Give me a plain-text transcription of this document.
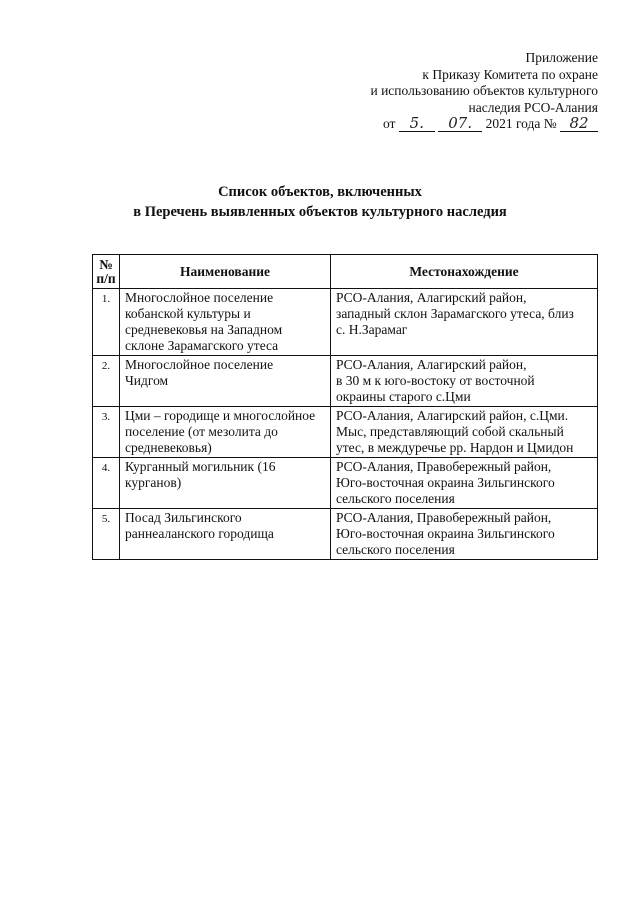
Приложение
к Приказу Комитета по охране
и использованию объектов культурного
наследия РСО-Алания
от 5. 07. 2021 года № 82
Список объектов, включенных
в Перечень выявленных объектов культурного наследия
№
п/п	Наименование	Местонахождение
1.	Многослойное поселение
кобанской культуры и
средневековья на Западном
склоне Зарамагского утеса	РСО-Алания, Алагирский район,
западный склон Зарамагского утеса, близ
с. Н.Зарамаг

2.	Многослойное поселение
Чидгом	РСО-Алания, Алагирский район,
в 30 м к юго-востоку от восточной
окраины старого с.Цми

3.	Цми – городище и многослойное
поселение (от мезолита до
средневековья)	РСО-Алания, Алагирский район, с.Цми.
Мыс, представляющий собой скальный
утес, в междуречье рр. Нардон и Цмидон

4.	Курганный могильник (16
курганов)	РСО-Алания, Правобережный район,
Юго-восточная окраина Зильгинского
сельского поселения

5.	Посад Зильгинского
раннеаланского городища	РСО-Алания, Правобережный район,
Юго-восточная окраина Зильгинского
сельского поселения
